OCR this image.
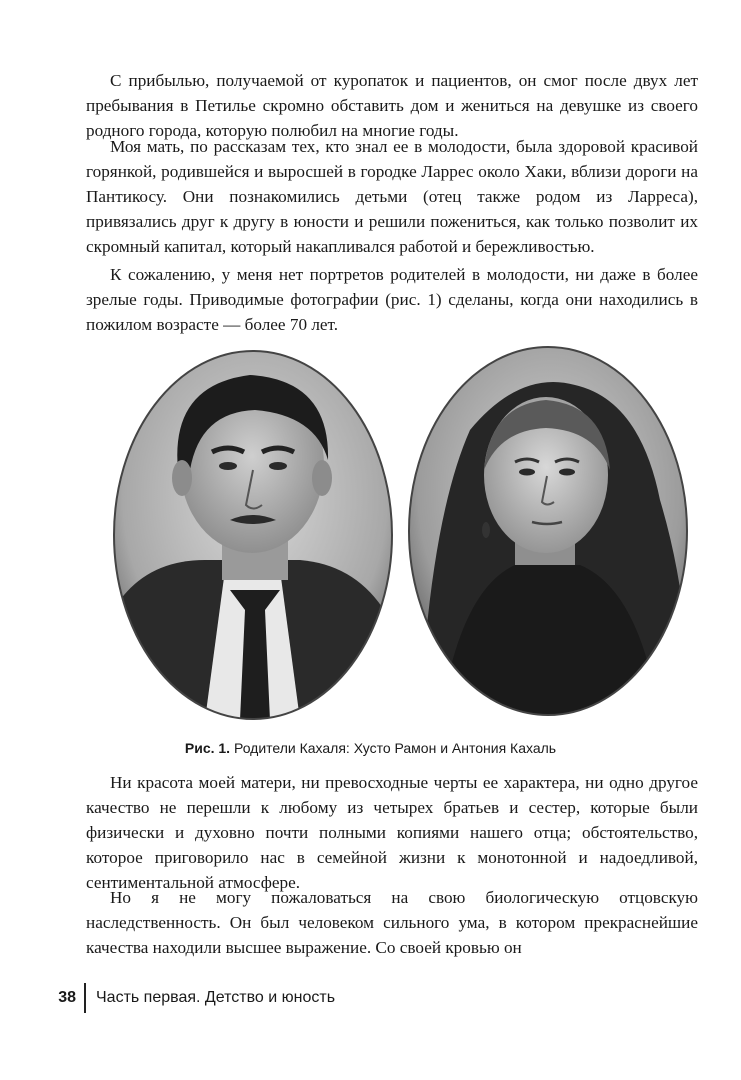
С прибылью, получаемой от куропаток и пациентов, он смог после двух лет пребывания в Петилье скромно обставить дом и жениться на девушке из своего родного города, которую полюбил на многие годы.

Моя мать, по рассказам тех, кто знал ее в молодости, была здоровой красивой горянкой, родившейся и выросшей в городке Ларрес около Хаки, вблизи дороги на Пантикосу. Они познакомились детьми (отец также родом из Ларреса), привязались друг к другу в юности и решили пожениться, как только позволит их скромный капитал, который накапливался работой и бережливостью.

К сожалению, у меня нет портретов родителей в молодости, ни даже в более зрелые годы. Приводимые фотографии (рис. 1) сделаны, когда они находились в пожилом возрасте — более 70 лет.

Рис. 1. Родители Кахаля: Хусто Рамон и Антония Кахаль

Ни красота моей матери, ни превосходные черты ее характера, ни одно другое качество не перешли к любому из четырех братьев и сестер, которые были физически и духовно почти полными копиями нашего отца; обстоятельство, которое приговорило нас в семейной жизни к монотонной и надоедливой, сентиментальной атмосфере.

Но я не могу пожаловаться на свою биологическую отцовскую наследственность. Он был человеком сильного ума, в котором прекраснейшие качества находили высшее выражение. Со своей кровью он

38	Часть первая. Детство и юность
